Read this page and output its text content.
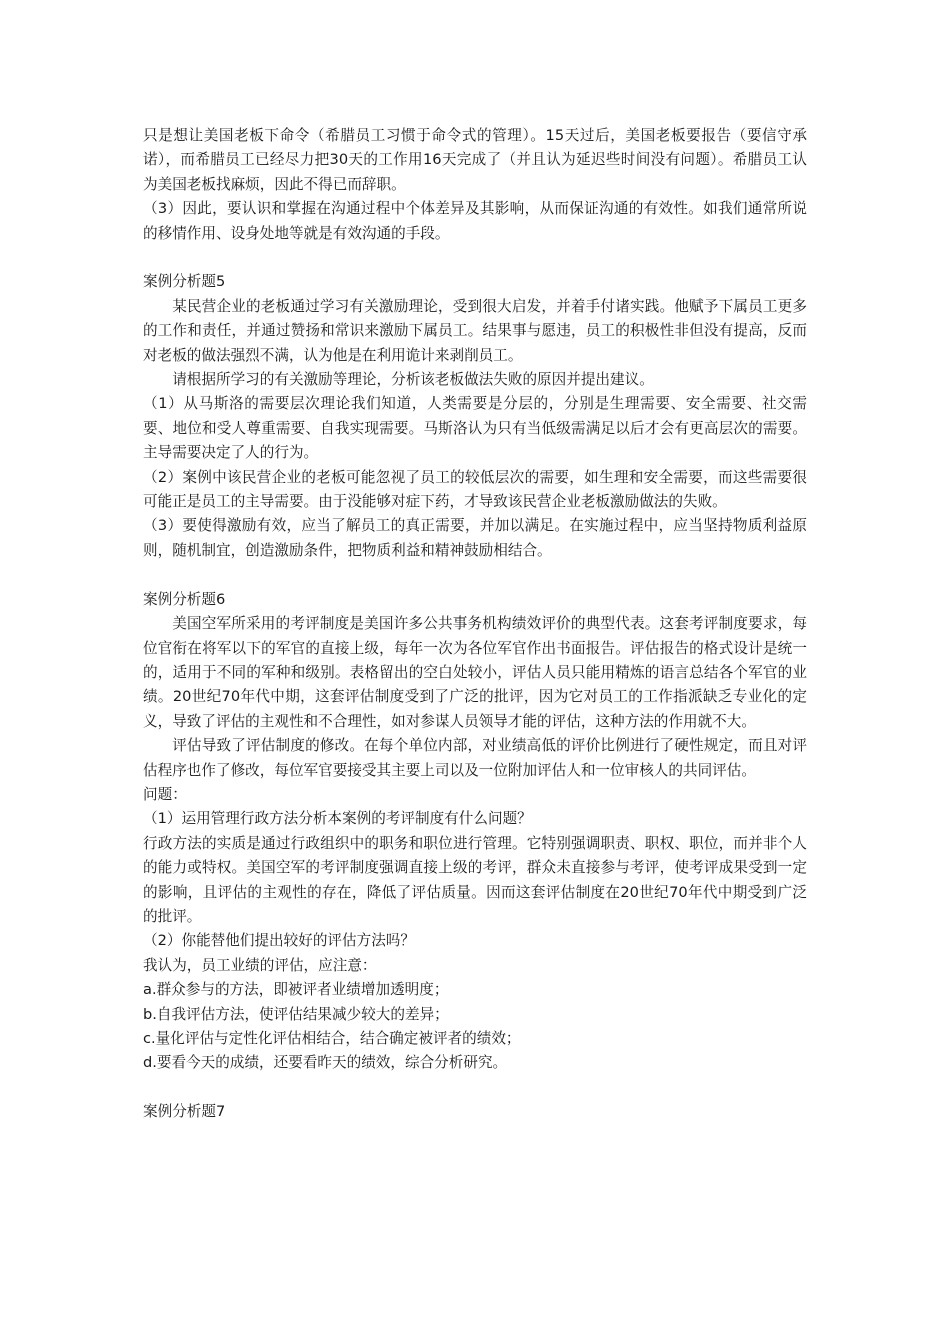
只是想让美国老板下命令（希腊员工习惯于命令式的管理）。15天过后，美国老板要报告（要信守承诺），而希腊员工已经尽力把30天的工作用16天完成了（并且认为延迟些时间没有问题）。希腊员工认为美国老板找麻烦，因此不得已而辞职。

（3）因此，要认识和掌握在沟通过程中个体差异及其影响，从而保证沟通的有效性。如我们通常所说的移情作用、设身处地等就是有效沟通的手段。

案例分析题5

某民营企业的老板通过学习有关激励理论，受到很大启发，并着手付诸实践。他赋予下属员工更多的工作和责任，并通过赞扬和常识来激励下属员工。结果事与愿违，员工的积极性非但没有提高，反而对老板的做法强烈不满，认为他是在利用诡计来剥削员工。

请根据所学习的有关激励等理论，分析该老板做法失败的原因并提出建议。

（1）从马斯洛的需要层次理论我们知道，人类需要是分层的，分别是生理需要、安全需要、社交需要、地位和受人尊重需要、自我实现需要。马斯洛认为只有当低级需满足以后才会有更高层次的需要。主导需要决定了人的行为。

（2）案例中该民营企业的老板可能忽视了员工的较低层次的需要，如生理和安全需要，而这些需要很可能正是员工的主导需要。由于没能够对症下药，才导致该民营企业老板激励做法的失败。

（3）要使得激励有效，应当了解员工的真正需要，并加以满足。在实施过程中，应当坚持物质利益原则，随机制宜，创造激励条件，把物质利益和精神鼓励相结合。

案例分析题6

美国空军所采用的考评制度是美国许多公共事务机构绩效评价的典型代表。这套考评制度要求，每位官衔在将军以下的军官的直接上级，每年一次为各位军官作出书面报告。评估报告的格式设计是统一的，适用于不同的军种和级别。表格留出的空白处较小，评估人员只能用精炼的语言总结各个军官的业绩。20世纪70年代中期，这套评估制度受到了广泛的批评，因为它对员工的工作指派缺乏专业化的定义，导致了评估的主观性和不合理性，如对参谋人员领导才能的评估，这种方法的作用就不大。

评估导致了评估制度的修改。在每个单位内部，对业绩高低的评价比例进行了硬性规定，而且对评估程序也作了修改，每位军官要接受其主要上司以及一位附加评估人和一位审核人的共同评估。

问题：

（1）运用管理行政方法分析本案例的考评制度有什么问题？

行政方法的实质是通过行政组织中的职务和职位进行管理。它特别强调职责、职权、职位，而并非个人的能力或特权。美国空军的考评制度强调直接上级的考评，群众未直接参与考评，使考评成果受到一定的影响，且评估的主观性的存在，降低了评估质量。因而这套评估制度在20世纪70年代中期受到广泛的批评。

（2）你能替他们提出较好的评估方法吗？

我认为，员工业绩的评估，应注意：

a.群众参与的方法，即被评者业绩增加透明度；

b.自我评估方法，使评估结果减少较大的差异；

c.量化评估与定性化评估相结合，结合确定被评者的绩效；

d.要看今天的成绩，还要看昨天的绩效，综合分析研究。

案例分析题7
